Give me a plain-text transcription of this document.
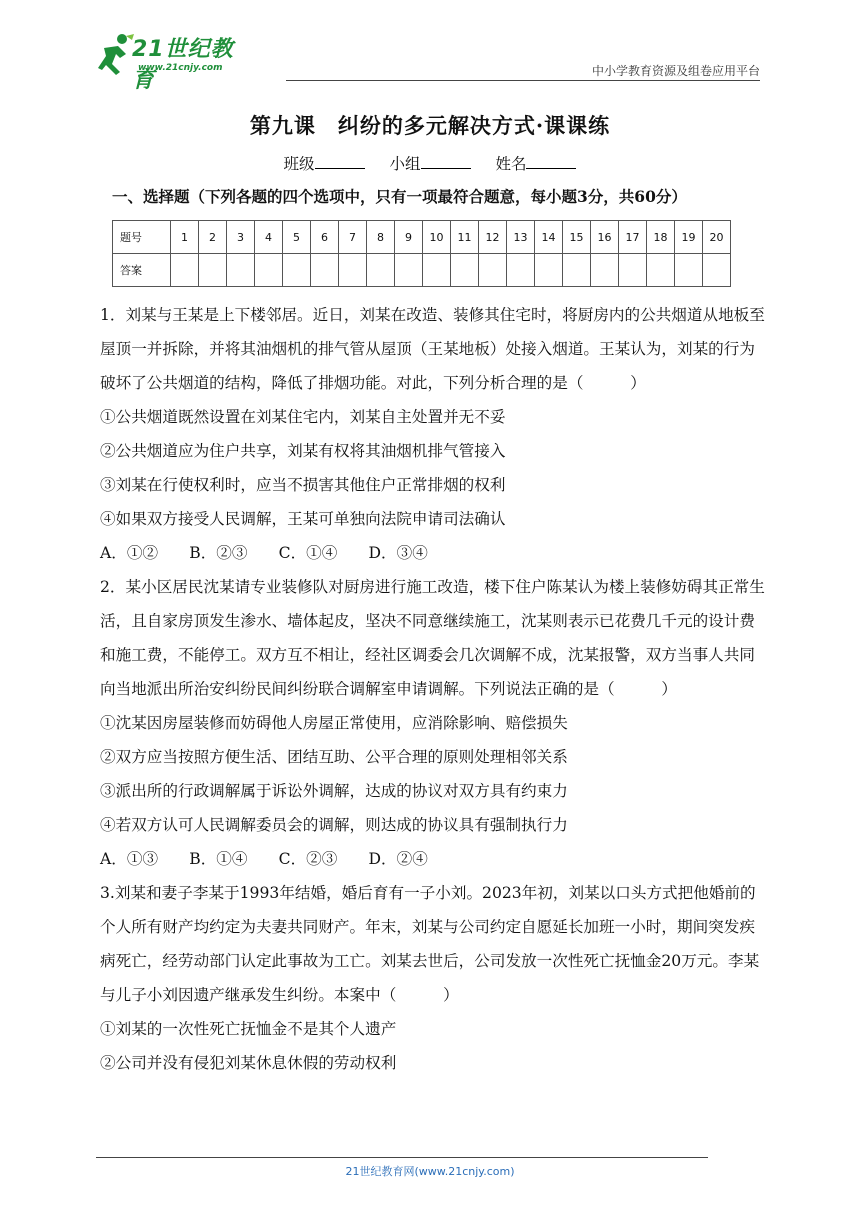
21世纪教育
www.21cnjy.com	中小学教育资源及组卷应用平台
第九课　纠纷的多元解决方式·课课练
班级	小组	姓名
一、选择题（下列各题的四个选项中，只有一项最符合题意，每小题3分，共60分）
题号	1	2	3	4	5	6	7	8	9	10	11	12	13	14	15	16	17	18	19	20
答案																				

1．刘某与王某是上下楼邻居。近日，刘某在改造、装修其住宅时，将厨房内的公共烟道从地板至屋顶一并拆除，并将其油烟机的排气管从屋顶（王某地板）处接入烟道。王某认为，刘某的行为破坏了公共烟道的结构，降低了排烟功能。对此，下列分析合理的是（　　　）

①公共烟道既然设置在刘某住宅内，刘某自主处置并无不妥

②公共烟道应为住户共享，刘某有权将其油烟机排气管接入

③刘某在行使权利时，应当不损害其他住户正常排烟的权利

④如果双方接受人民调解，王某可单独向法院申请司法确认

A．①②　　B．②③　　C．①④　　D．③④

2．某小区居民沈某请专业装修队对厨房进行施工改造，楼下住户陈某认为楼上装修妨碍其正常生活，且自家房顶发生渗水、墙体起皮，坚决不同意继续施工，沈某则表示已花费几千元的设计费和施工费，不能停工。双方互不相让，经社区调委会几次调解不成，沈某报警，双方当事人共同向当地派出所治安纠纷民间纠纷联合调解室申请调解。下列说法正确的是（　　　）

①沈某因房屋装修而妨碍他人房屋正常使用，应消除影响、赔偿损失

②双方应当按照方便生活、团结互助、公平合理的原则处理相邻关系

③派出所的行政调解属于诉讼外调解，达成的协议对双方具有约束力

④若双方认可人民调解委员会的调解，则达成的协议具有强制执行力

A．①③　　B．①④　　C．②③　　D．②④

3.刘某和妻子李某于1993年结婚，婚后育有一子小刘。2023年初，刘某以口头方式把他婚前的个人所有财产均约定为夫妻共同财产。年末，刘某与公司约定自愿延长加班一小时，期间突发疾病死亡，经劳动部门认定此事故为工亡。刘某去世后，公司发放一次性死亡抚恤金20万元。李某与儿子小刘因遗产继承发生纠纷。本案中（　　　）

①刘某的一次性死亡抚恤金不是其个人遗产

②公司并没有侵犯刘某休息休假的劳动权利

21世纪教育网(www.21cnjy.com)
